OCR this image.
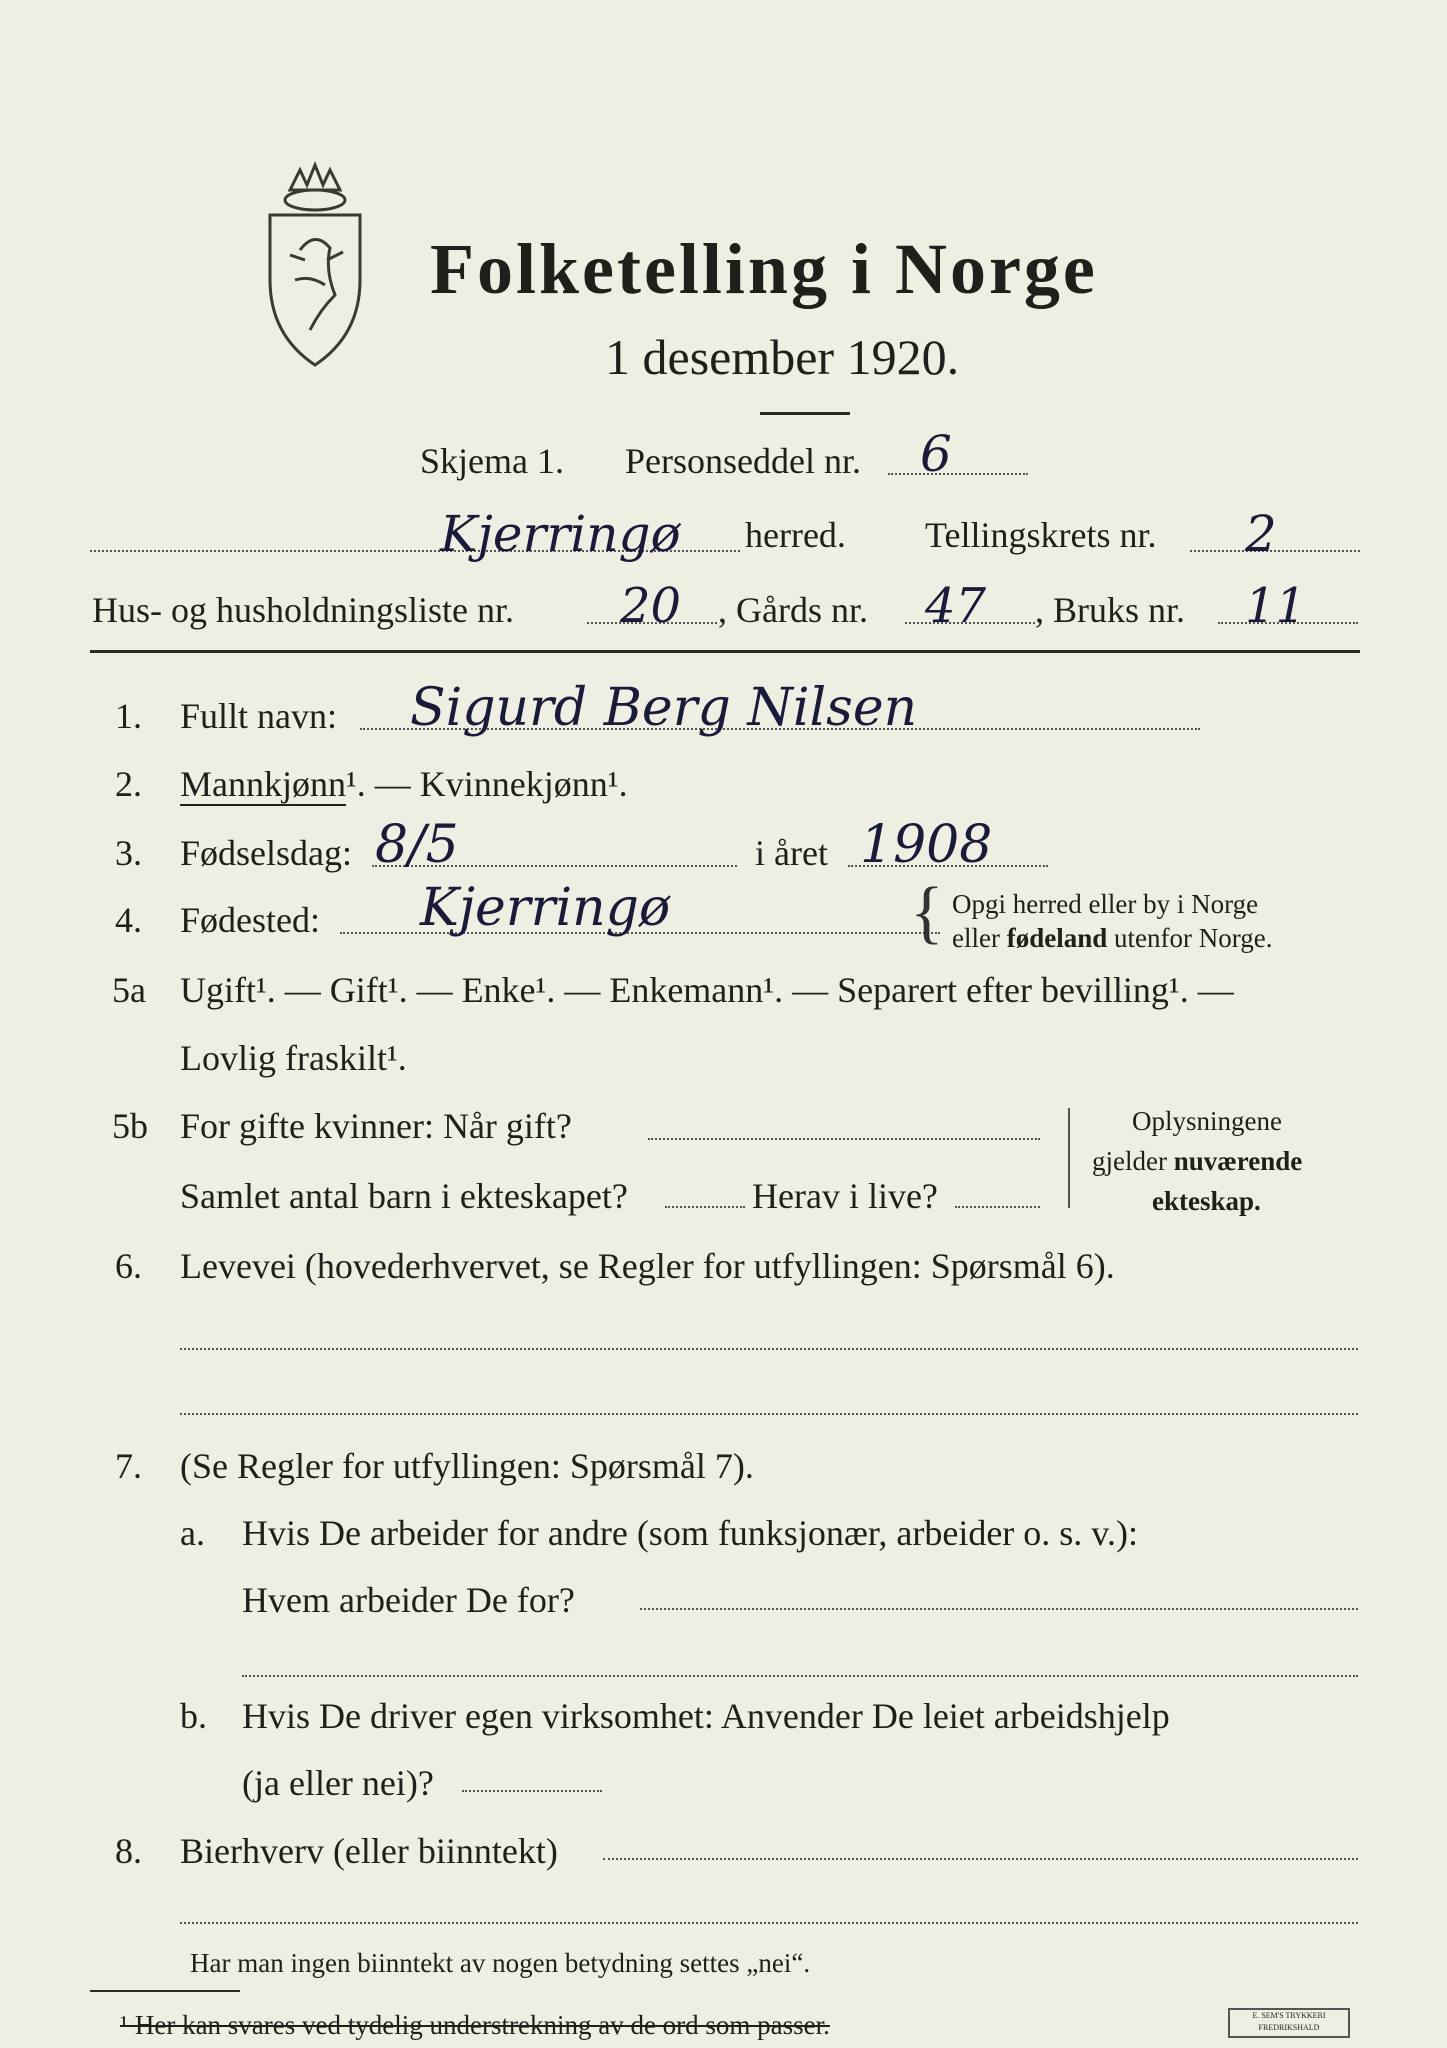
Folketelling i Norge
1 desember 1920.
Skjema 1. Personseddel nr. 6
Kjerringø herred. Tellingskrets nr. 2
Hus- og husholdningsliste nr. 20 , Gårds nr. 47 , Bruks nr. 11
1. Fullt navn: Sigurd Berg Nilsen
2. Mannkjønn¹. — Kvinnekjønn¹.
3. Fødselsdag: 8/5	i året 1908
4. Fødested: Kjerringø	{ Opgi herred eller by i Norge
eller fødeland utenfor Norge.
5a Ugift¹. — Gift¹. — Enke¹. — Enkemann¹. — Separert efter bevilling¹. —
Lovlig fraskilt¹.
5b For gifte kvinner: Når gift?
Samlet antal barn i ekteskapet?	Herav i live?
Oplysningene
gjelder nuværende
ekteskap.
6. Levevei (hovederhvervet, se Regler for utfyllingen: Spørsmål 6).
7. (Se Regler for utfyllingen: Spørsmål 7).
a. Hvis De arbeider for andre (som funksjonær, arbeider o. s. v.):
Hvem arbeider De for?
b. Hvis De driver egen virksomhet: Anvender De leiet arbeidshjelp
(ja eller nei)?
8. Bierhverv (eller biinntekt)
Har man ingen biinntekt av nogen betydning settes „nei“.
¹ Her kan svares ved tydelig understrekning av de ord som passer.	E. SEM'S TRYKKERI FREDRIKSHALD
